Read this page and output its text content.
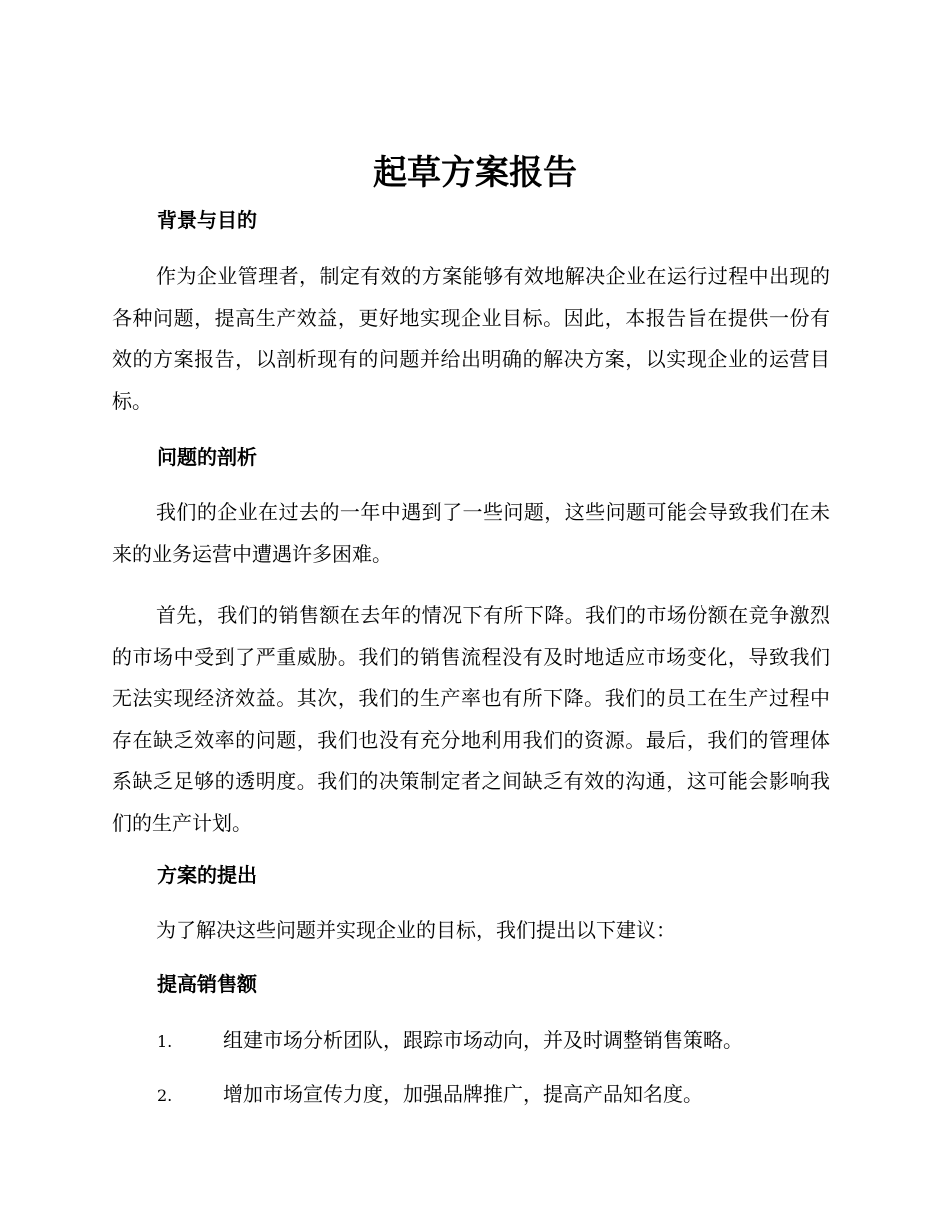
起草方案报告
背景与目的

作为企业管理者，制定有效的方案能够有效地解决企业在运行过程中出现的各种问题，提高生产效益，更好地实现企业目标。因此，本报告旨在提供一份有效的方案报告，以剖析现有的问题并给出明确的解决方案，以实现企业的运营目标。

问题的剖析

我们的企业在过去的一年中遇到了一些问题，这些问题可能会导致我们在未来的业务运营中遭遇许多困难。

首先，我们的销售额在去年的情况下有所下降。我们的市场份额在竞争激烈的市场中受到了严重威胁。我们的销售流程没有及时地适应市场变化，导致我们无法实现经济效益。其次，我们的生产率也有所下降。我们的员工在生产过程中存在缺乏效率的问题，我们也没有充分地利用我们的资源。最后，我们的管理体系缺乏足够的透明度。我们的决策制定者之间缺乏有效的沟通，这可能会影响我们的生产计划。

方案的提出

为了解决这些问题并实现企业的目标，我们提出以下建议：

提高销售额
1.	组建市场分析团队，跟踪市场动向，并及时调整销售策略。
2.	增加市场宣传力度，加强品牌推广，提高产品知名度。
